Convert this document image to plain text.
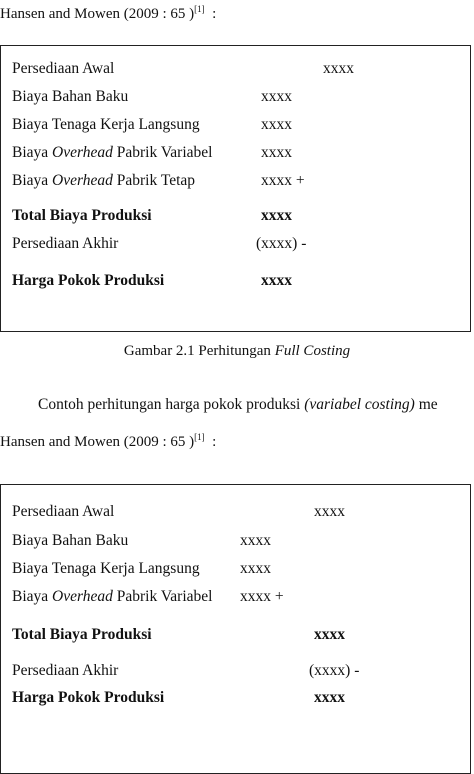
Hansen and Mowen (2009 : 65 )[1]  :
Persediaan Awal	xxxx
Biaya Bahan Baku	xxxx
Biaya Tenaga Kerja Langsung	xxxx
Biaya Overhead Pabrik Variabel	xxxx
Biaya Overhead Pabrik Tetap	xxxx +
Total Biaya Produksi	xxxx
Persediaan Akhir	(xxxx) -
Harga Pokok Produksi	xxxx
Gambar 2.1 Perhitungan Full Costing
Contoh perhitungan harga pokok produksi (variabel costing) me
Hansen and Mowen (2009 : 65 )[1]  :
Persediaan Awal	xxxx
Biaya Bahan Baku	xxxx
Biaya Tenaga Kerja Langsung	xxxx
Biaya Overhead Pabrik Variabel xxxx +
Total Biaya Produksi	xxxx
Persediaan Akhir	(xxxx) -
Harga Pokok Produksi	xxxx
